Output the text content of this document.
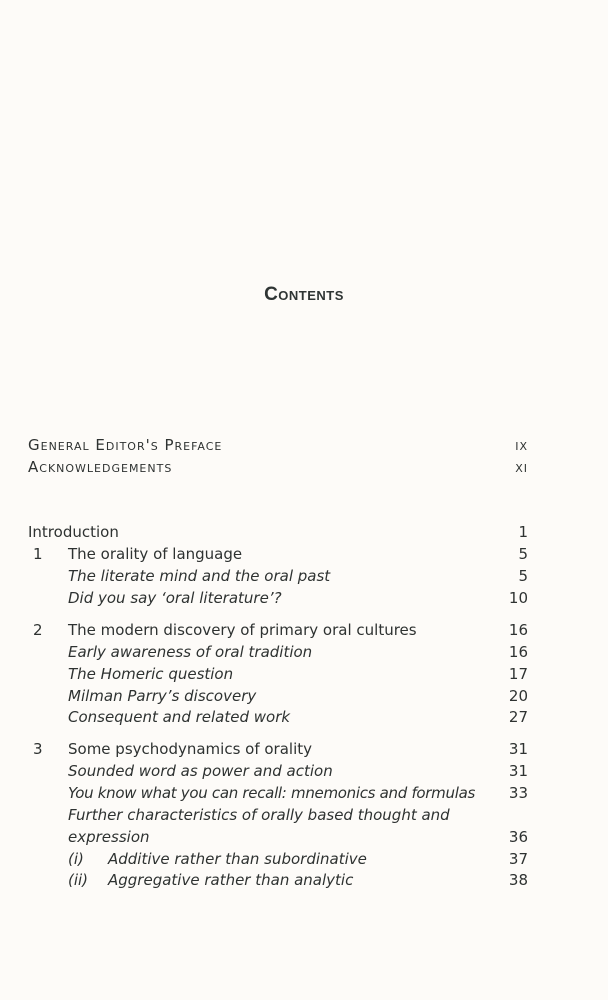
Contents
General Editor's Preface	ix
Acknowledgements	xi
Introduction	1
1 The orality of language	5
The literate mind and the oral past	5
Did you say ‘oral literature’?	10
2 The modern discovery of primary oral cultures	16
Early awareness of oral tradition	16
The Homeric question	17
Milman Parry’s discovery	20
Consequent and related work	27
3 Some psychodynamics of orality	31
Sounded word as power and action	31
You know what you can recall: mnemonics and formulas 33
Further characteristics of orally based thought and
expression	36
(i) Additive rather than subordinative	37
(ii) Aggregative rather than analytic	38
